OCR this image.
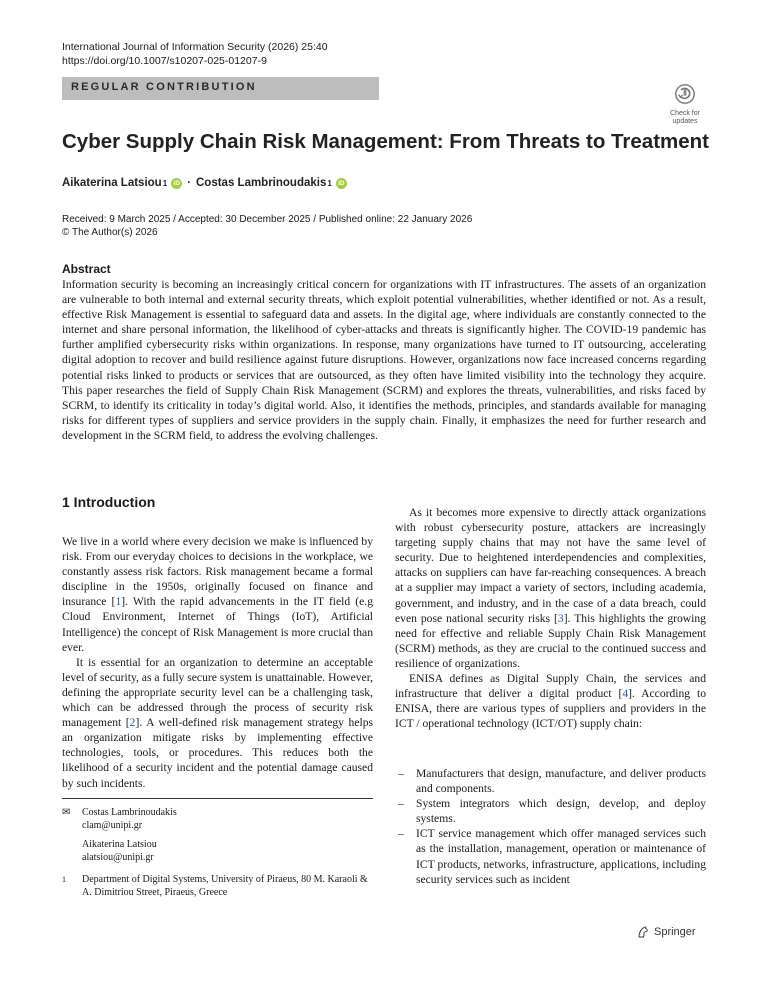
International Journal of Information Security (2026) 25:40
https://doi.org/10.1007/s10207-025-01207-9
REGULAR CONTRIBUTION
Check for updates
Cyber Supply Chain Risk Management: From Threats to Treatment
Aikaterina Latsiou 1 iD · Costas Lambrinoudakis 1 iD
Received: 9 March 2025 / Accepted: 30 December 2025 / Published online: 22 January 2026
© The Author(s) 2026
Abstract
Information security is becoming an increasingly critical concern for organizations with IT infrastructures. The assets of an organization are vulnerable to both internal and external security threats, which exploit potential vulnerabilities, whether identified or not. As a result, effective Risk Management is essential to safeguard data and assets. In the digital age, where individuals are constantly connected to the internet and share personal information, the likelihood of cyber-attacks and threats is significantly higher. The COVID-19 pandemic has further amplified cybersecurity risks within organizations. In response, many organizations have turned to IT outsourcing, accelerating digital adoption to recover and build resilience against future disruptions. However, organizations now face increased concerns regarding potential risks linked to products or services that are outsourced, as they often have limited visibility into the technology they acquire. This paper researches the field of Supply Chain Risk Management (SCRM) and explores the threats, vulnerabilities, and risks faced by SCRM, to identify its criticality in today’s digital world. Also, it identifies the methods, principles, and standards available for managing risks for different types of suppliers and service providers in the supply chain. Finally, it emphasizes the need for further research and development in the SCRM field, to address the evolving challenges.
1 Introduction

We live in a world where every decision we make is influenced by risk. From our everyday choices to decisions in the workplace, we constantly assess risk factors. Risk management became a formal discipline in the 1950s, originally focused on finance and insurance [1]. With the rapid advancements in the IT field (e.g Cloud Environment, Internet of Things (IoT), Artificial Intelligence) the concept of Risk Management is more crucial than ever.

It is essential for an organization to determine an acceptable level of security, as a fully secure system is unattainable. However, defining the appropriate security level can be a challenging task, which can be addressed through the process of security risk management [2]. A well-defined risk management strategy helps an organization mitigate risks by implementing effective technologies, tools, or procedures. This reduces both the likelihood of a security incident and the potential damage caused by such incidents.

✉	Costas Lambrinoudakis
clam@unipi.gr
Aikaterina Latsiou
alatsiou@unipi.gr
1	Department of Digital Systems, University of Piraeus, 80 M. Karaoli & A. Dimitriou Street, Piraeus, Greece

As it becomes more expensive to directly attack organizations with robust cybersecurity posture, attackers are increasingly targeting supply chains that may not have the same level of security. Due to heightened interdependencies and complexities, attacks on suppliers can have far-reaching consequences. A breach at a supplier may impact a variety of sectors, including academia, government, and industry, and in the case of a data breach, could even pose national security risks [3]. This highlights the growing need for effective and reliable Supply Chain Risk Management (SCRM) methods, as they are crucial to the continued success and resilience of organizations.

ENISA defines as Digital Supply Chain, the services and infrastructure that deliver a digital product [4]. According to ENISA, there are various types of suppliers and providers in the ICT / operational technology (ICT/OT) supply chain:

– Manufacturers that design, manufacture, and deliver products and components.
– System integrators which design, develop, and deploy systems.
– ICT service management which offer managed services such as the installation, management, operation or maintenance of ICT products, networks, infrastructure, applications, including security services such as incident
Springer
